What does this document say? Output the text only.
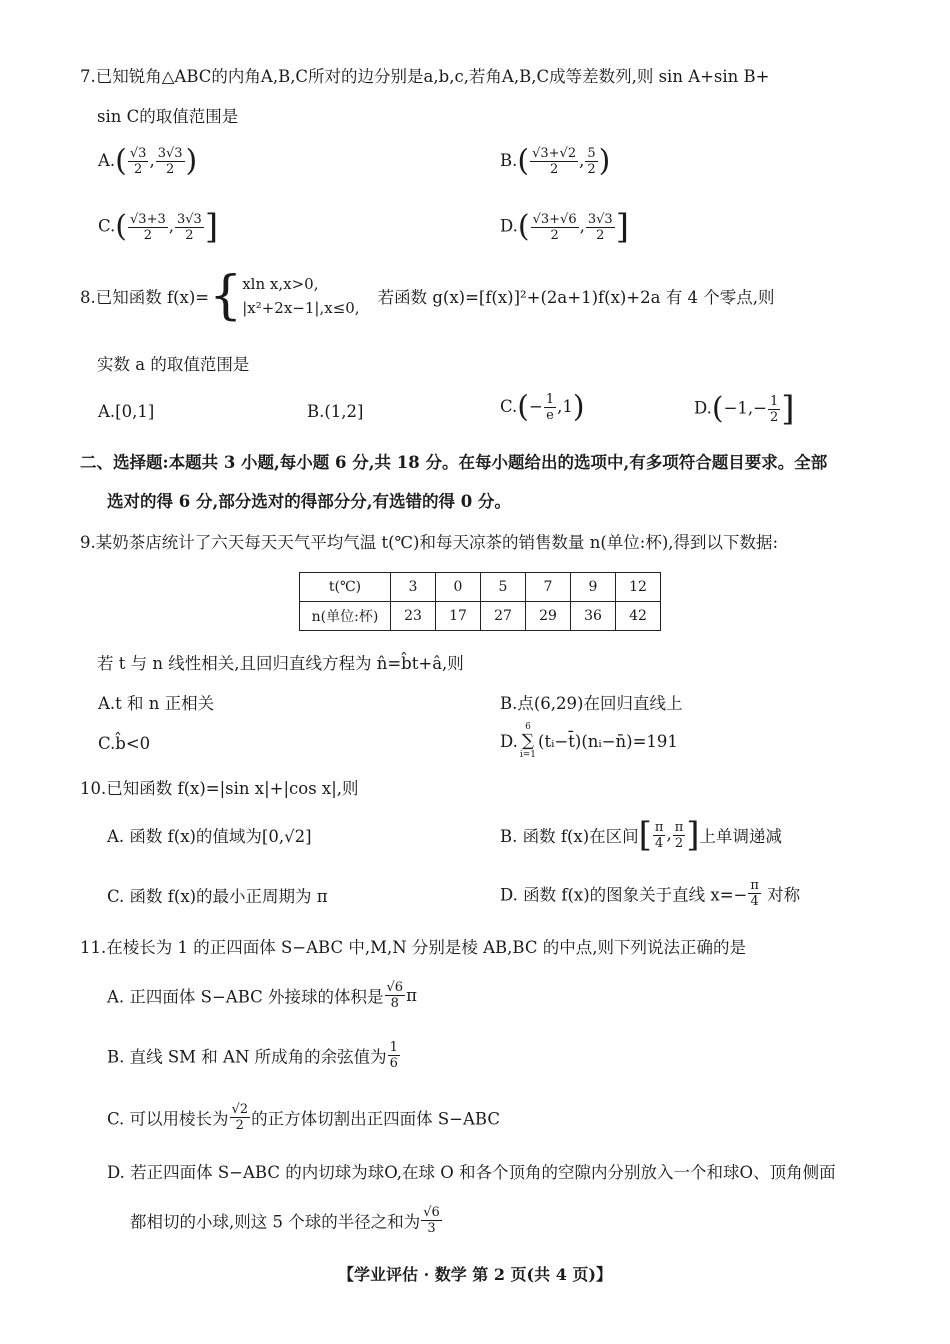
7.已知锐角△ABC的内角A,B,C所对的边分别是a,b,c,若角A,B,C成等差数列,则 sin A+sin B+
sin C的取值范围是
$A.( \frac{√3}{2}$ , $\frac{3√3}{2}$ )	$B.( \frac{√3+√2}{2}$ , $\frac{5}{2}$ )
$C.( \frac{√3+3}{2}$ , $\frac{3√3}{2}$ ]	$D.( \frac{√3+√6}{2}$ , $\frac{3√3}{2}$ ]
8.已知函数 f(x)={ xln x,x>0,
|x²+2x−1|,x≤0,
若函数 g(x)=[f(x)]²+(2a+1)f(x)+2a 有 4 个零点,则
实数 a 的取值范围是
A.[0,1]	B.(1,2]	$C.(- \frac{1}{e} ,1)$	$D.(-1,- \frac{1}{2}$ ]
二、选择题:本题共 3 小题,每小题 6 分,共 18 分。在每小题给出的选项中,有多项符合题目要求。全部
选对的得 6 分,部分选对的得部分分,有选错的得 0 分。
9.某奶茶店统计了六天每天天气平均气温 t(℃)和每天凉茶的销售数量 n(单位:杯),得到以下数据:
t(℃)	3	0	5	7	9	12
n(单位:杯)	23	17	27	29	36	42
若 t 与 n 线性相关,且回归直线方程为 n̂=b̂t+â,则
A.t 和 n 正相关	B.点(6,29)在回归直线上
C.b̂<0	D.
6
∑
i=1
(tᵢ−t̄)(nᵢ−n̄)=191
10.已知函数 f(x)=|sin x|+|cos x|,则
A. 函数 f(x)的值域为[0,√2]	B. 函数 f(x)在区间[ $\frac{\pi}{4}$ , $\frac{\pi}{2}$ ]上单调递减
C. 函数 f(x)的最小正周期为 π	D. 函数 f(x)的图象关于直线 $x=- \frac{\pi}{4}$ 对称
11.在棱长为 1 的正四面体 S−ABC 中,M,N 分别是棱 AB,BC 的中点,则下列说法正确的是
A. 正四面体 S−ABC 外接球的体积是 $\frac{√6}{8}$ π
B. 直线 SM 和 AN 所成角的余弦值为 $\frac{1}{6}$
C. 可以用棱长为 $\frac{√2}{2}$ 的正方体切割出正四面体 S−ABC
D. 若正四面体 S−ABC 的内切球为球O,在球 O 和各个顶角的空隙内分别放入一个和球O、顶角侧面
都相切的小球,则这 5 个球的半径之和为 $\frac{√6}{3}$
【学业评估 · 数学 第 2 页(共 4 页)】
